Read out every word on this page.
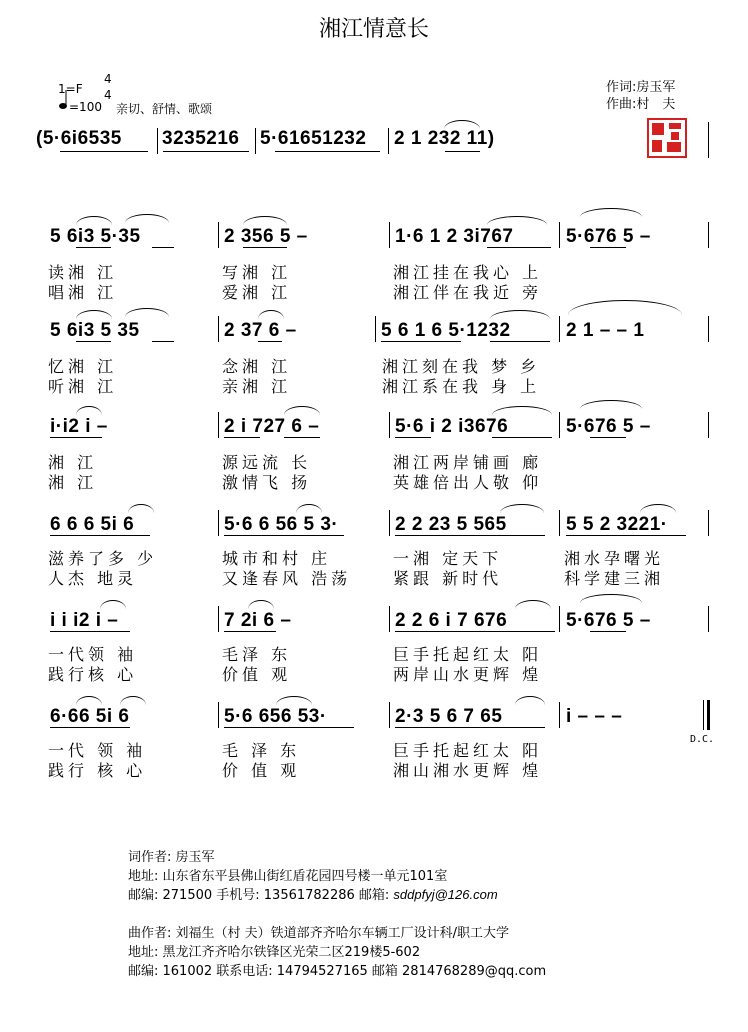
湘江情意长
1=F
4
4
=100 亲切、舒情、歌颂
作词:房玉军
作曲:村　夫
(5·6i6535 3235216 5·61651232 2 1 232 11)
5 6i3 5·35	2 356 5 –	1·6 1 2 3i767	5·676 5 –
读湘 江	写湘 江	湘江挂在我心 上
唱湘 江	爱湘 江	湘江伴在我近 旁
5 6i3 5 35	2 37 6 –	5 6 1 6 5·1232	2 1 – – 1
忆湘 江	念湘 江	湘江刻在我 梦 乡
听湘 江	亲湘 江	湘江系在我 身 上
i·i2 i –	2 i 727 6 –	5·6 i 2 i3676	5·676 5 –
湘 江	源远流 长	湘江两岸铺画 廊
湘 江	激情飞 扬	英雄倍出人敬 仰
6 6 6 5i 6	5·6 6 56 5 3·	2 2 23 5 565	5 5 2 3221·
滋养了多 少	城市和村 庄	一湘 定天下	湘水孕曙光
人杰 地灵	又逢春风 浩荡	紧跟 新时代	科学建三湘
i i i2 i –	7 2i 6 –	2 2 6 i 7 676	5·676 5 –
一代领 袖	毛泽 东	巨手托起红太 阳
践行核 心	价值 观	两岸山水更辉 煌
6·66 5i 6	5·6 656 53·	2·3 5 6 7 65	i – – –
一代 领 袖	毛 泽 东	巨手托起红太 阳
践行 核 心	价 值 观	湘山湘水更辉 煌
D.C.
词作者: 房玉军
地址: 山东省东平县佛山街红盾花园四号楼一单元101室
邮编: 271500 手机号: 13561782286 邮箱: sddpfyj@126.com
曲作者: 刘福生（村 夫）铁道部齐齐哈尔车辆工厂设计科/职工大学
地址: 黑龙江齐齐哈尔铁锋区光荣二区219楼5-602
邮编: 161002 联系电话: 14794527165 邮箱 2814768289@qq.com
